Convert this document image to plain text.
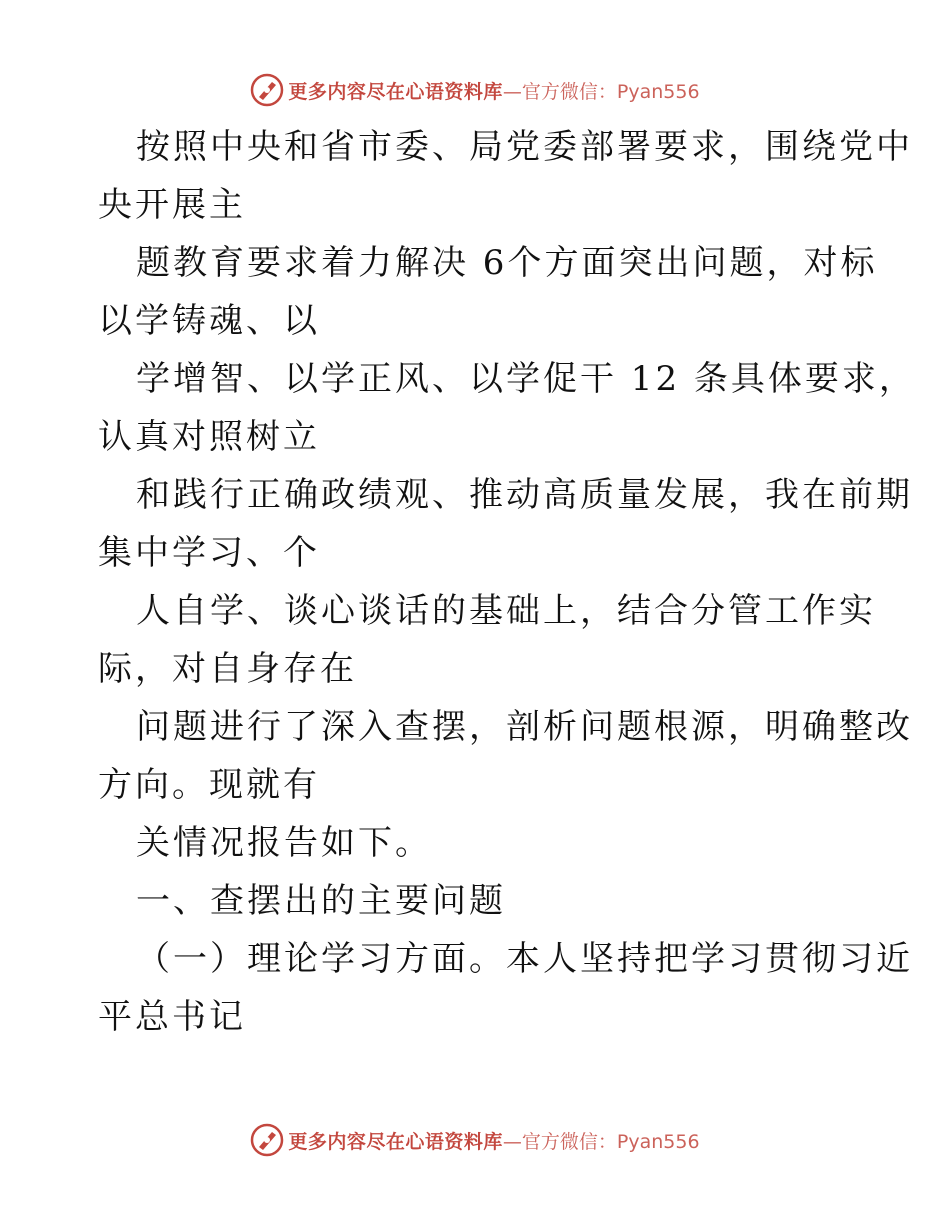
更多内容尽在心语资料库 —官方微信：Pyan556
按照中央和省市委、局党委部署要求，围绕党中
央开展主
题教育要求着力解决 6个方面突出问题，对标
以学铸魂、以
学增智、以学正风、以学促干 12 条具体要求，
认真对照树立
和践行正确政绩观、推动高质量发展，我在前期
集中学习、个
人自学、谈心谈话的基础上，结合分管工作实
际，对自身存在
问题进行了深入查摆，剖析问题根源，明确整改
方向。现就有
关情况报告如下。
一、查摆出的主要问题
（一）理论学习方面。本人坚持把学习贯彻习近
平总书记
更多内容尽在心语资料库 —官方微信：Pyan556
